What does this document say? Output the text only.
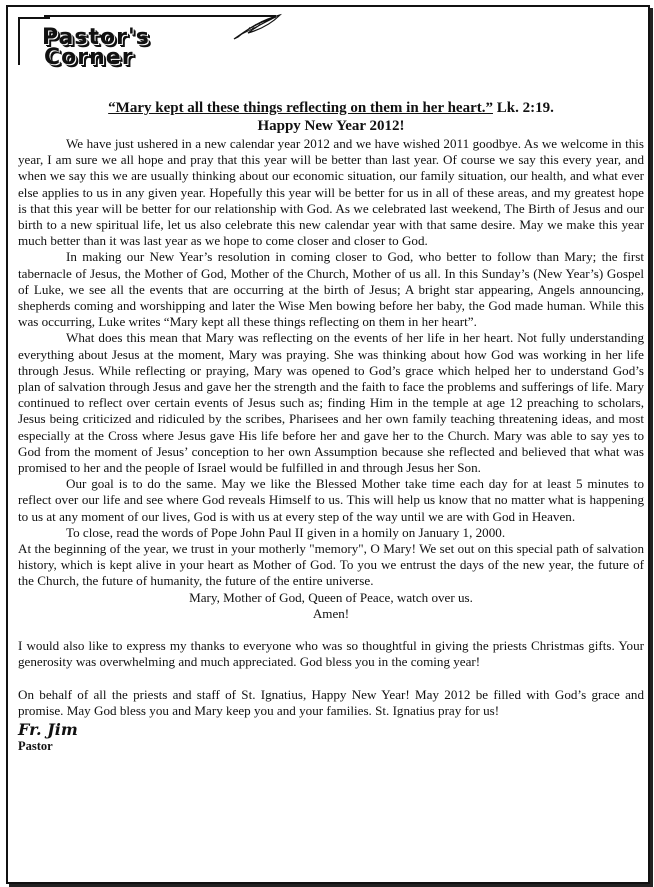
Pastor's
Corner
“Mary kept all these things reflecting on them in her heart.” Lk. 2:19.
Happy New Year 2012!

We have just ushered in a new calendar year 2012 and we have wished 2011 goodbye. As we welcome in this year, I am sure we all hope and pray that this year will be better than last year. Of course we say this every year, and when we say this we are usually thinking about our economic situation, our family situation, our health, and what ever else applies to us in any given year. Hopefully this year will be better for us in all of these areas, and my greatest hope is that this year will be better for our relationship with God. As we celebrated last weekend, The Birth of Jesus and our birth to a new spiritual life, let us also celebrate this new calendar year with that same desire. May we make this year much better than it was last year as we hope to come closer and closer to God.

In making our New Year’s resolution in coming closer to God, who better to follow than Mary; the first tabernacle of Jesus, the Mother of God, Mother of the Church, Mother of us all. In this Sunday’s (New Year’s) Gospel of Luke, we see all the events that are occurring at the birth of Jesus; A bright star appearing, Angels announcing, shepherds coming and worshipping and later the Wise Men bowing before her baby, the God made human. While this was occurring, Luke writes “Mary kept all these things reflecting on them in her heart”.

What does this mean that Mary was reflecting on the events of her life in her heart. Not fully understanding everything about Jesus at the moment, Mary was praying. She was thinking about how God was working in her life through Jesus. While reflecting or praying, Mary was opened to God’s grace which helped her to understand God’s plan of salvation through Jesus and gave her the strength and the faith to face the problems and sufferings of life. Mary continued to reflect over certain events of Jesus such as; finding Him in the temple at age 12 preaching to scholars, Jesus being criticized and ridiculed by the scribes, Pharisees and her own family teaching threatening ideas, and most especially at the Cross where Jesus gave His life before her and gave her to the Church. Mary was able to say yes to God from the moment of Jesus’ conception to her own Assumption because she reflected and believed that what was promised to her and the people of Israel would be fulfilled in and through Jesus her Son.

Our goal is to do the same. May we like the Blessed Mother take time each day for at least 5 minutes to reflect over our life and see where God reveals Himself to us. This will help us know that no matter what is happening to us at any moment of our lives, God is with us at every step of the way until we are with God in Heaven.

To close, read the words of Pope John Paul II given in a homily on January 1, 2000.

At the beginning of the year, we trust in your motherly "memory", O Mary! We set out on this special path of salvation history, which is kept alive in your heart as Mother of God. To you we entrust the days of the new year, the future of the Church, the future of humanity, the future of the entire universe.

Mary, Mother of God, Queen of Peace, watch over us.

Amen!

I would also like to express my thanks to everyone who was so thoughtful in giving the priests Christmas gifts. Your generosity was overwhelming and much appreciated. God bless you in the coming year!

On behalf of all the priests and staff of St. Ignatius, Happy New Year! May 2012 be filled with God’s grace and promise. May God bless you and Mary keep you and your families. St. Ignatius pray for us!

Fr. Jim
Pastor
